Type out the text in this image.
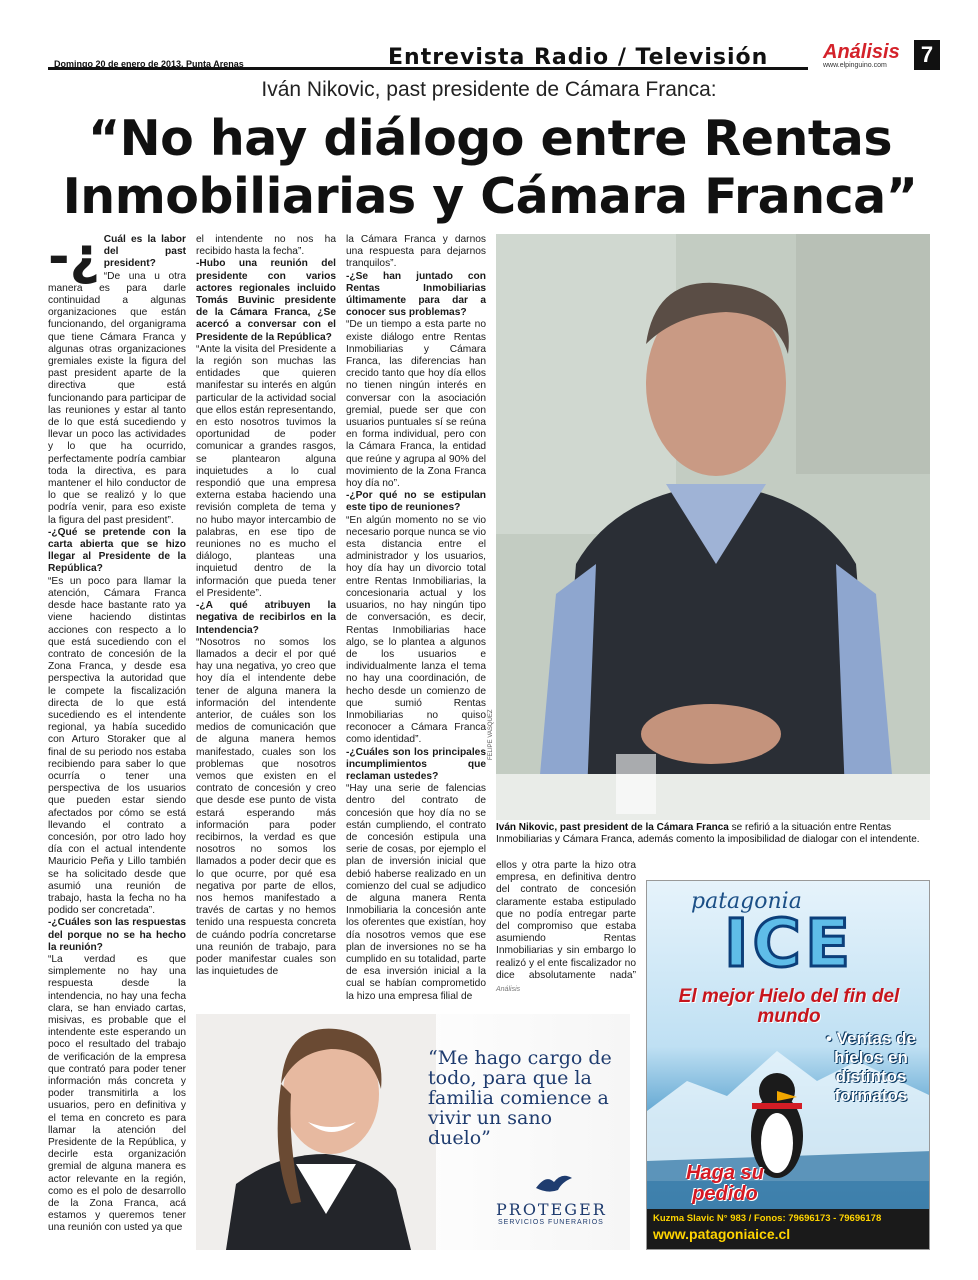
Domingo 20 de enero de 2013, Punta Arenas	Entrevista Radio / Televisión	Análisis
www.elpinguino.com	7
Iván Nikovic, past presidente de Cámara Franca:
“No hay diálogo entre Rentas Inmobiliarias y Cámara Franca”
-¿ Cuál es la labor del past president?

“De una u otra manera es para darle continuidad a algunas organizaciones que están funcionando, del organigrama que tiene Cámara Franca y algunas otras organizaciones gremiales existe la figura del past president aparte de la directiva que está funcionando para participar de las reuniones y estar al tanto de lo que está sucediendo y llevar un poco las actividades y lo que ha ocurrido, perfectamente podría cambiar toda la directiva, es para mantener el hilo conductor de lo que se realizó y lo que podría venir, para eso existe la figura del past president”.

-¿Qué se pretende con la carta abierta que se hizo llegar al Presidente de la República?

“Es un poco para llamar la atención, Cámara Franca desde hace bastante rato ya viene haciendo distintas acciones con respecto a lo que está sucediendo con el contrato de concesión de la Zona Franca, y desde esa perspectiva la autoridad que le compete la fiscalización directa de lo que está sucediendo es el intendente regional, ya había sucedido con Arturo Storaker que al final de su periodo nos estaba recibiendo para saber lo que ocurría o tener una perspectiva de los usuarios que pueden estar siendo afectados por cómo se está llevando el contrato a concesión, por otro lado hoy día con el actual intendente Mauricio Peña y Lillo también se ha solicitado desde que asumió una reunión de trabajo, hasta la fecha no ha podido ser concretada”.

-¿Cuáles son las respuestas del porque no se ha hecho la reunión?

“La verdad es que simplemente no hay una respuesta desde la intendencia, no hay una fecha clara, se han enviado cartas, misivas, es probable que el intendente este esperando un poco el resultado del trabajo de verificación de la empresa que contrató para poder tener información más concreta y poder transmitirla a los usuarios, pero en definitiva y el tema en concreto es para llamar la atención del Presidente de la República, y decirle esta organización gremial de alguna manera es actor relevante en la región, como es el polo de desarrollo de la Zona Franca, acá estamos y queremos tener una reunión con usted ya que

el intendente no nos ha recibido hasta la fecha”.

-Hubo una reunión del presidente con varios actores regionales incluido Tomás Buvinic presidente de la Cámara Franca, ¿Se acercó a conversar con el Presidente de la República?

“Ante la visita del Presidente a la región son muchas las entidades que quieren manifestar su interés en algún particular de la actividad social que ellos están representando, en esto nosotros tuvimos la oportunidad de poder comunicar a grandes rasgos, se plantearon alguna inquietudes a lo cual respondió que una empresa externa estaba haciendo una revisión completa de tema y no hubo mayor intercambio de palabras, en ese tipo de reuniones no es mucho el diálogo, planteas una inquietud dentro de la información que pueda tener el Presidente”.

-¿A qué atribuyen la negativa de recibirlos en la Intendencia?

“Nosotros no somos los llamados a decir el por qué hay una negativa, yo creo que hoy día el intendente debe tener de alguna manera la información del intendente anterior, de cuáles son los medios de comunicación que de alguna manera hemos manifestado, cuales son los problemas que nosotros vemos que existen en el contrato de concesión y creo que desde ese punto de vista estará esperando más información para poder recibirnos, la verdad es que nosotros no somos los llamados a poder decir que es lo que ocurre, por qué esa negativa por parte de ellos, nos hemos manifestado a través de cartas y no hemos tenido una respuesta concreta de cuándo podría concretarse una reunión de trabajo, para poder manifestar cuales son las inquietudes de

la Cámara Franca y darnos una respuesta para dejarnos tranquilos”.

-¿Se han juntado con Rentas Inmobiliarias últimamente para dar a conocer sus problemas?

“De un tiempo a esta parte no existe diálogo entre Rentas Inmobiliarias y Cámara Franca, las diferencias han crecido tanto que hoy día ellos no tienen ningún interés en conversar con la asociación gremial, puede ser que con usuarios puntuales sí se reúna en forma individual, pero con la Cámara Franca, la entidad que reúne y agrupa al 90% del movimiento de la Zona Franca hoy día no”.

-¿Por qué no se estipulan este tipo de reuniones?

“En algún momento no se vio necesario porque nunca se vio esta distancia entre el administrador y los usuarios, hoy día hay un divorcio total entre Rentas Inmobiliarias, la concesionaria actual y los usuarios, no hay ningún tipo de conversación, es decir, Rentas Inmobiliarias hace algo, se lo plantea a algunos de los usuarios e individualmente lanza el tema no hay una coordinación, de hecho desde un comienzo de que sumió Rentas Inmobiliarias no quiso reconocer a Cámara Franca como identidad”.

-¿Cuáles son los principales incumplimientos que reclaman ustedes?

“Hay una serie de falencias dentro del contrato de concesión que hoy día no se están cumpliendo, el contrato de concesión estipula una serie de cosas, por ejemplo el plan de inversión inicial que debió haberse realizado en un comienzo del cual se adjudico de alguna manera Renta Inmobiliaria la concesión ante los oferentes que existían, hoy día nosotros vemos que ese plan de inversiones no se ha cumplido en su totalidad, parte de esa inversión inicial a la cual se habían comprometido la hizo una empresa filial de

FELIPE VASQUEZ
Iván Nikovic, past president de la Cámara Franca se refirió a la situación entre Rentas Inmobiliarias y Cámara Franca, además comento la imposibilidad de dialogar con el intendente.

ellos y otra parte la hizo otra empresa, en definitiva dentro del contrato de concesión claramente estaba estipulado que no podía entregar parte del compromiso que estaba asumiendo Rentas Inmobiliarias y sin embargo lo realizó y el ente fiscalizador no dice absolutamente nada” Análisis

patagonia
ICE
El mejor Hielo del fin del mundo
• Ventas de hielos en distintos formatos
Haga su pedido
Kuzma Slavic N° 983 / Fonos: 79696173 - 79696178
www.patagoniaice.cl
“Me hago cargo de todo, para que la familia comience a vivir un sano duelo”
PROTEGER
SERVICIOS FUNERARIOS
